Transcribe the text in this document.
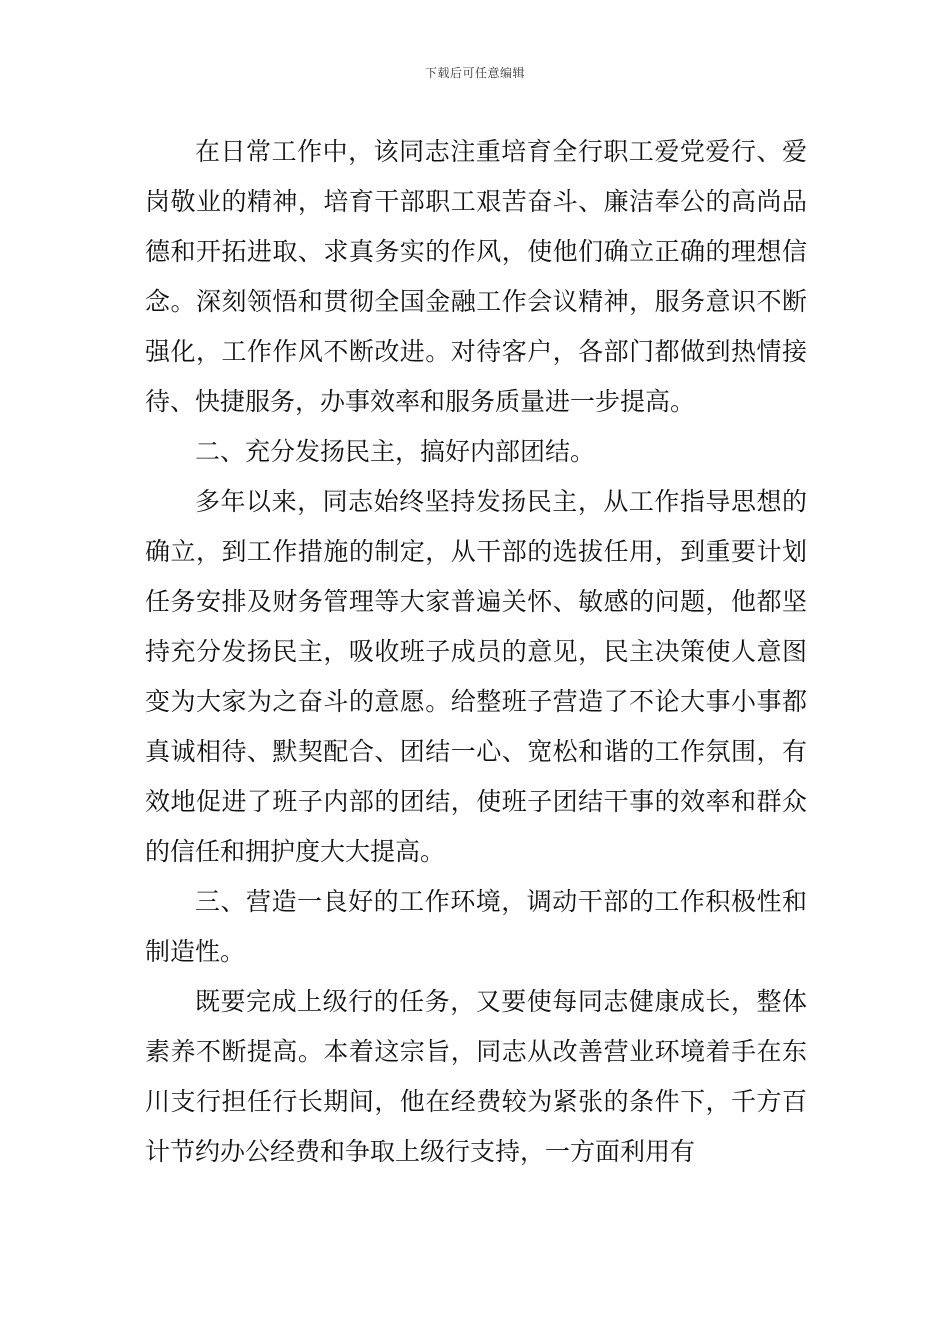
下载后可任意编辑

在日常工作中，该同志注重培育全行职工爱党爱行、爱岗敬业的精神，培育干部职工艰苦奋斗、廉洁奉公的高尚品德和开拓进取、求真务实的作风，使他们确立正确的理想信念。深刻领悟和贯彻全国金融工作会议精神，服务意识不断强化，工作作风不断改进。对待客户，各部门都做到热情接待、快捷服务，办事效率和服务质量进一步提高。

二、充分发扬民主，搞好内部团结。

多年以来，同志始终坚持发扬民主，从工作指导思想的确立，到工作措施的制定，从干部的选拔任用，到重要计划任务安排及财务管理等大家普遍关怀、敏感的问题，他都坚持充分发扬民主，吸收班子成员的意见，民主决策使人意图变为大家为之奋斗的意愿。给整班子营造了不论大事小事都真诚相待、默契配合、团结一心、宽松和谐的工作氛围，有效地促进了班子内部的团结，使班子团结干事的效率和群众的信任和拥护度大大提高。

三、营造一良好的工作环境，调动干部的工作积极性和制造性。

既要完成上级行的任务，又要使每同志健康成长，整体素养不断提高。本着这宗旨，同志从改善营业环境着手在东川支行担任行长期间，他在经费较为紧张的条件下，千方百计节约办公经费和争取上级行支持，一方面利用有
